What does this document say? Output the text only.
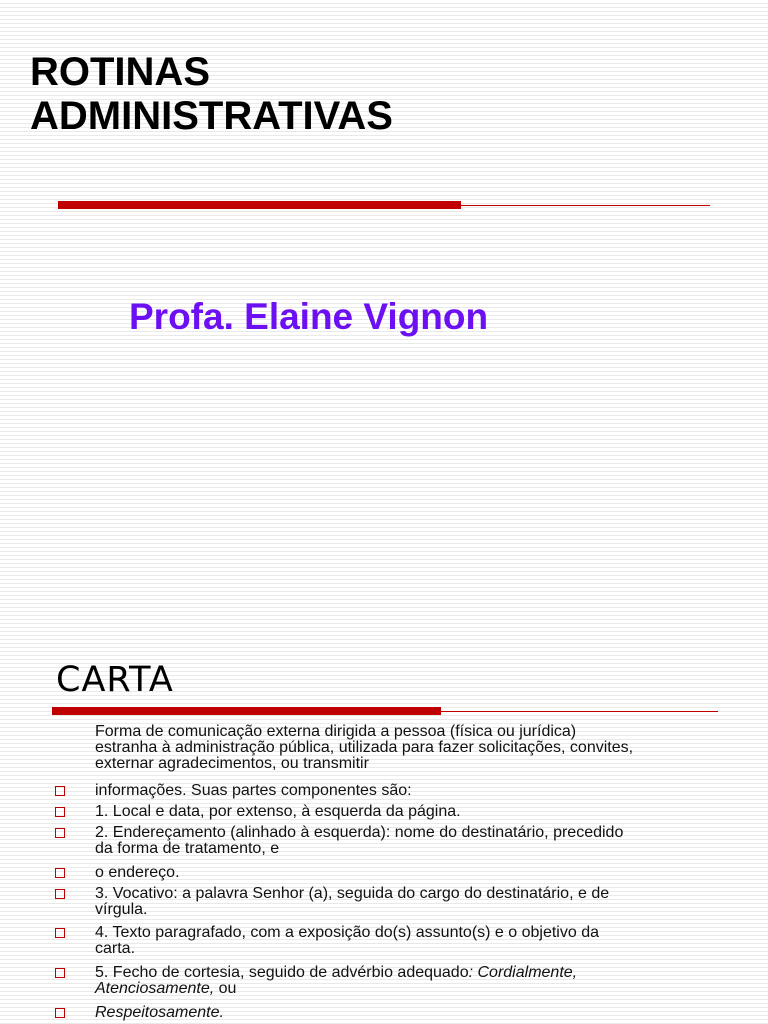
ROTINAS
ADMINISTRATIVAS
Profa. Elaine Vignon
CARTA
Forma de comunicação externa dirigida a pessoa (física ou jurídica)
estranha à administração pública, utilizada para fazer solicitações, convites,
externar agradecimentos, ou transmitir
informações. Suas partes componentes são:
1. Local e data, por extenso, à esquerda da página.
2. Endereçamento (alinhado à esquerda): nome do destinatário, precedido
da forma de tratamento, e
o endereço.
3. Vocativo: a palavra Senhor (a), seguida do cargo do destinatário, e de
vírgula.
4. Texto paragrafado, com a exposição do(s) assunto(s) e o objetivo da
carta.
5. Fecho de cortesia, seguido de advérbio adequado: Cordialmente,
Atenciosamente, ou
Respeitosamente.
